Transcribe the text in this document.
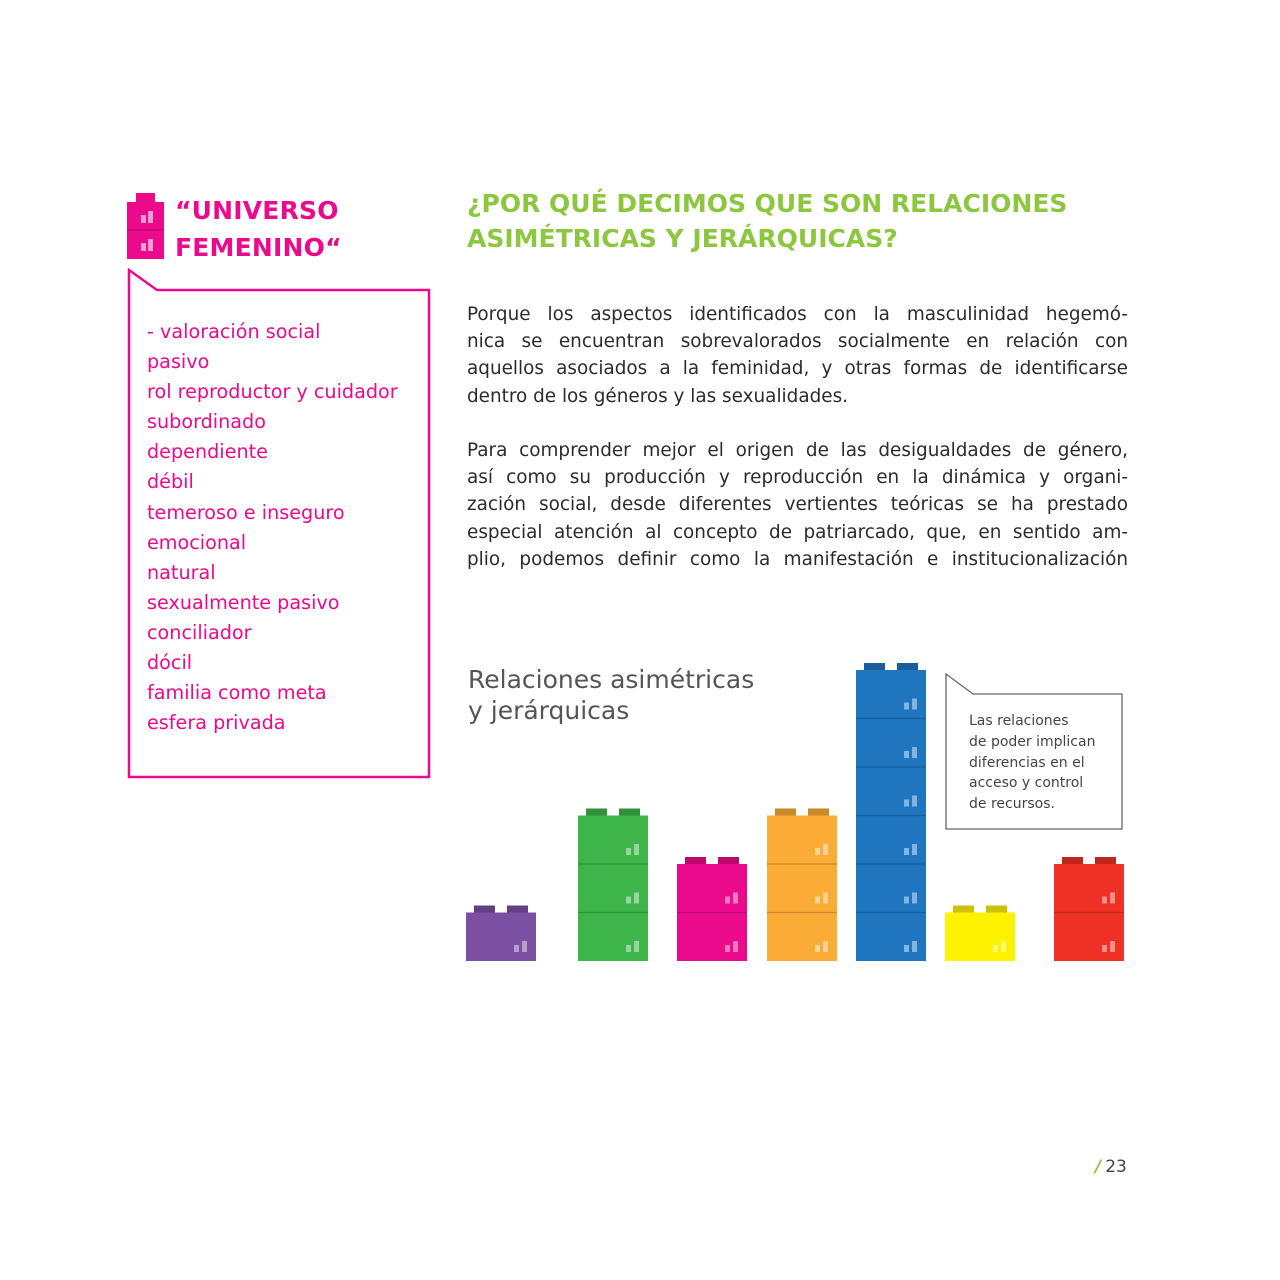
“UNIVERSO
FEMENINO“
- valoración social
pasivo
rol reproductor y cuidador
subordinado
dependiente
débil
temeroso e inseguro
emocional
natural
sexualmente pasivo
conciliador
dócil
familia como meta
esfera privada
¿POR QUÉ DECIMOS QUE SON RELACIONES
ASIMÉTRICAS Y JERÁRQUICAS?

Porque los aspectos identificados con la masculinidad hegemó-
nica se encuentran sobrevalorados socialmente en relación con
aquellos asociados a la feminidad, y otras formas de identificarse
dentro de los géneros y las sexualidades.

Para comprender mejor el origen de las desigualdades de género,
así como su producción y reproducción en la dinámica y organi-
zación social, desde diferentes vertientes teóricas se ha prestado
especial atención al concepto de patriarcado, que, en sentido am-
plio, podemos definir como la manifestación e institucionalización

Relaciones asimétricas
y jerárquicas	Las relaciones
de poder implican
diferencias en el
acceso y control
de recursos.

/ 23
